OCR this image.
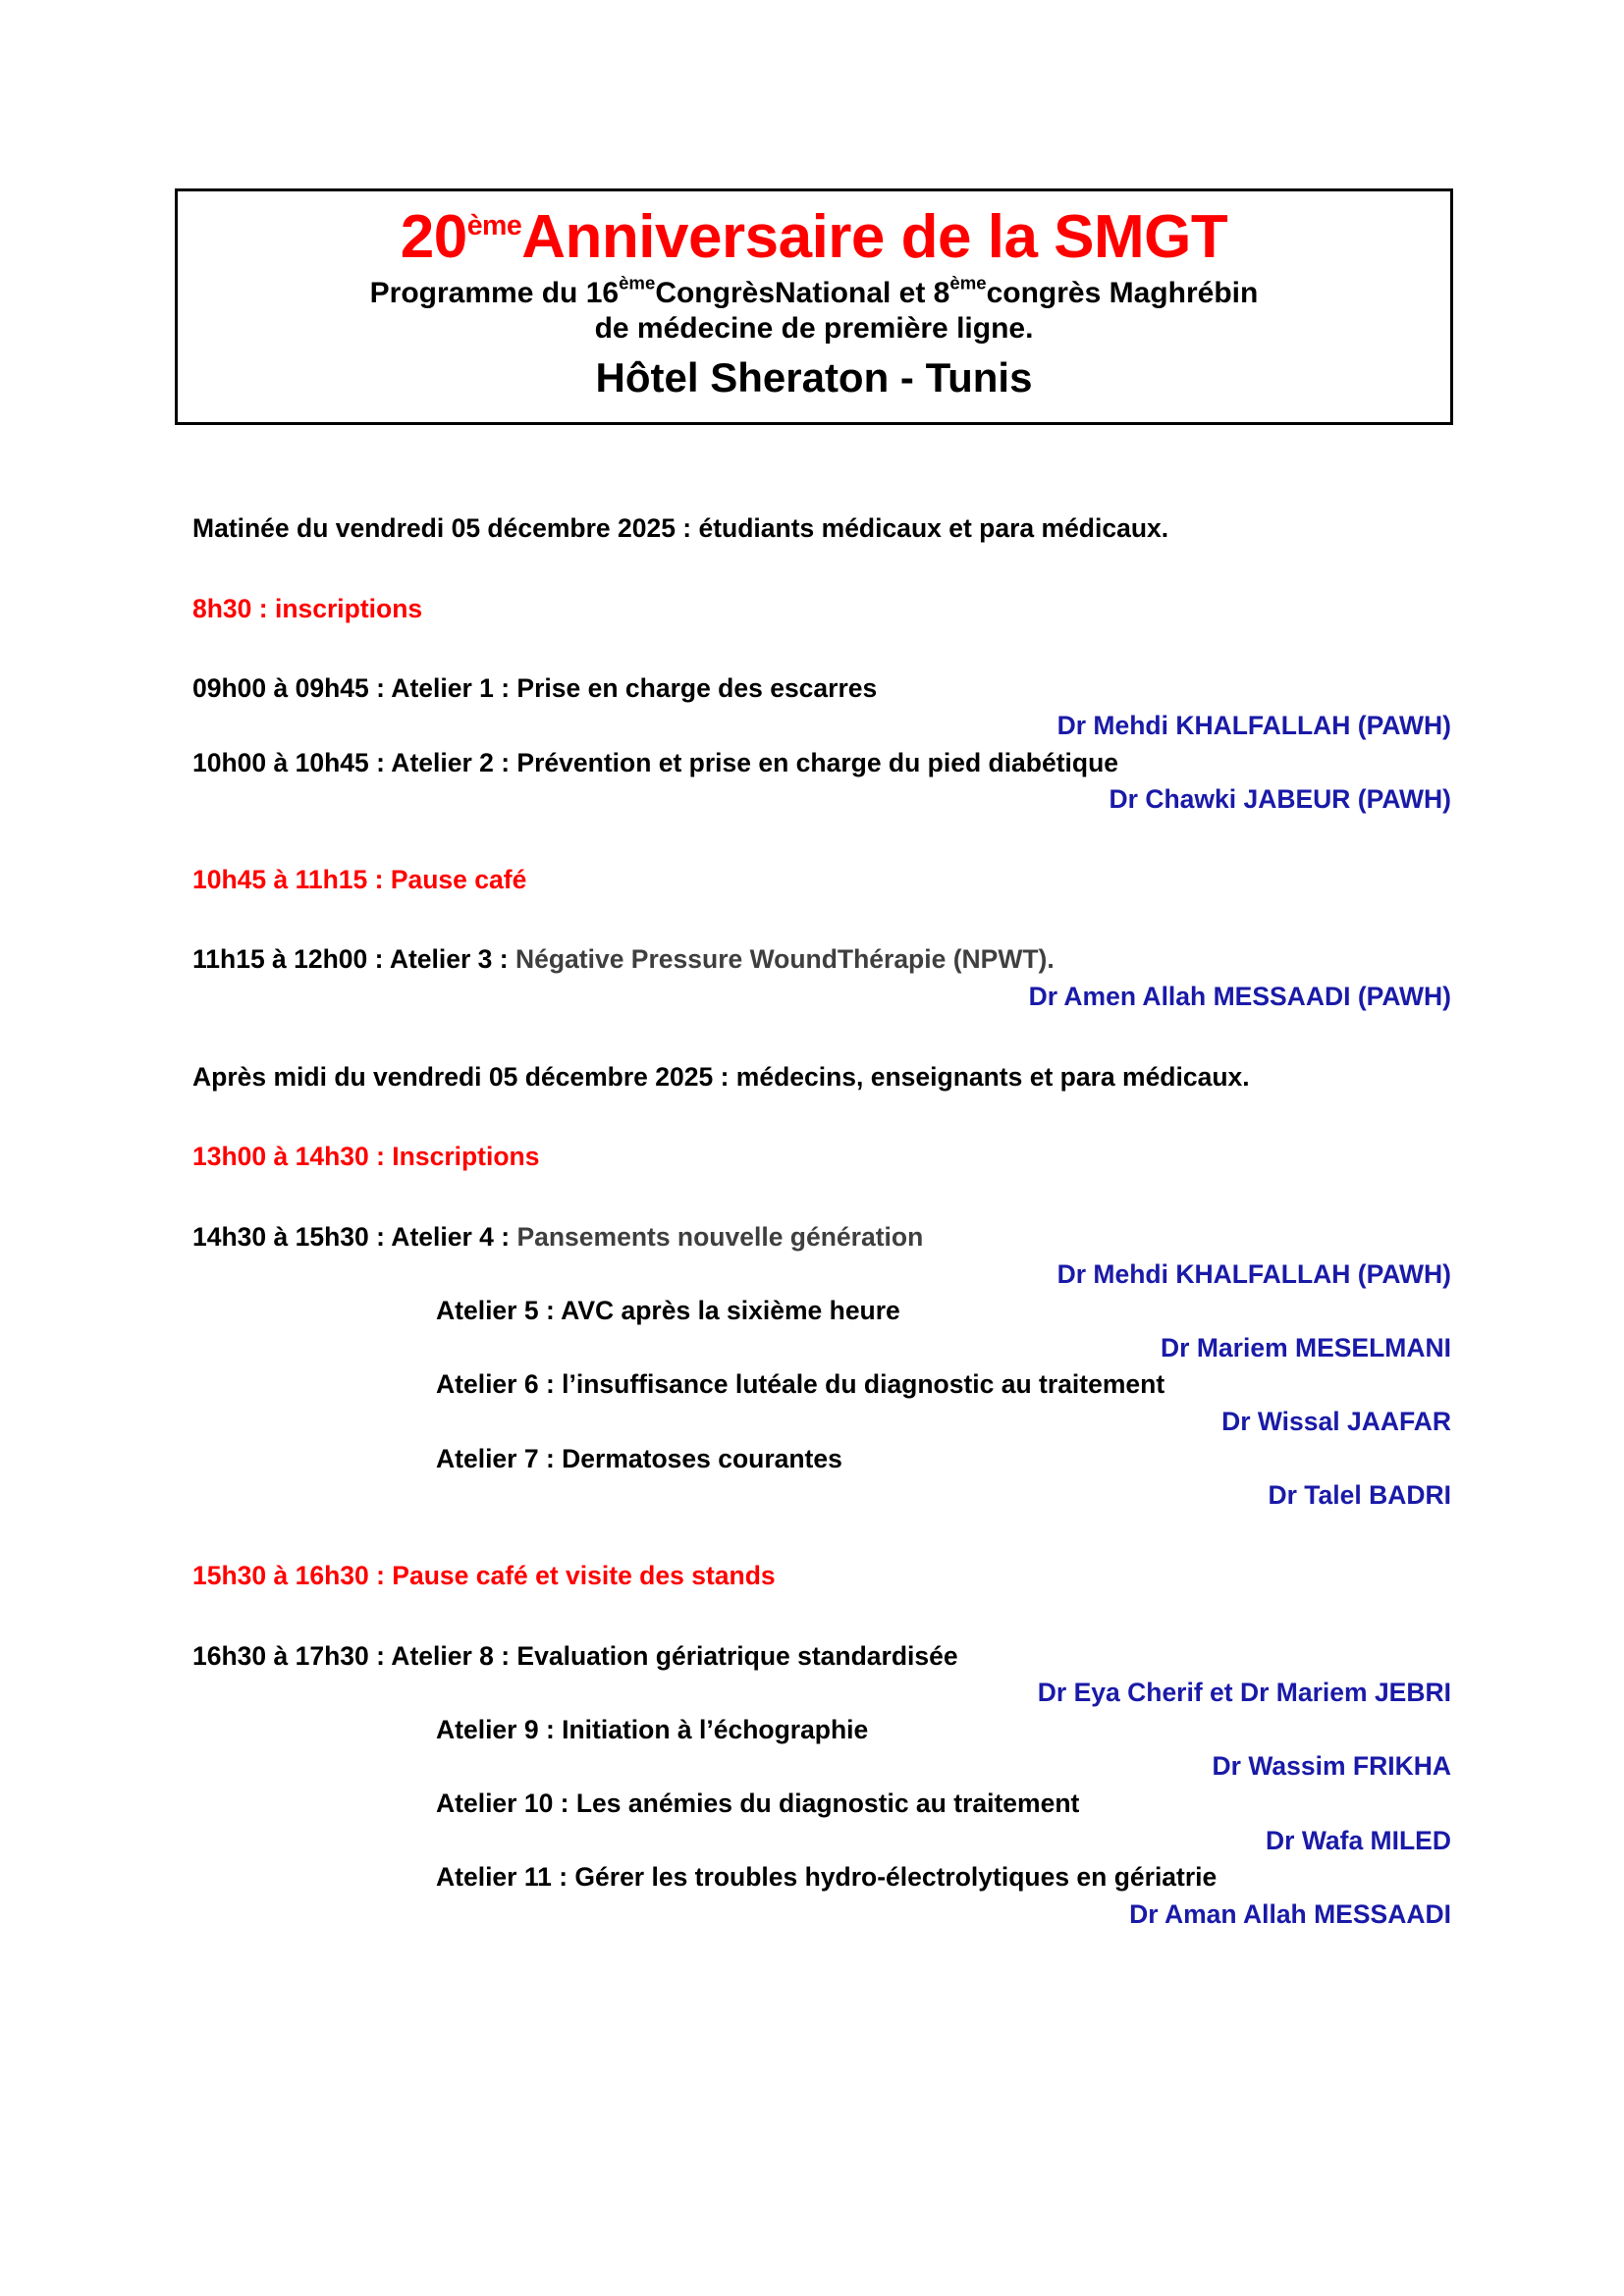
20èmeAnniversaire de la SMGT
Programme du 16èmeCongrèsNational et 8èmecongrès Maghrébin
de médecine de première ligne.
Hôtel Sheraton - Tunis
Matinée du vendredi 05 décembre 2025 : étudiants médicaux et para médicaux.
8h30 : inscriptions
09h00 à 09h45 : Atelier 1 : Prise en charge des escarres
Dr Mehdi KHALFALLAH (PAWH)
10h00 à 10h45 : Atelier 2 : Prévention et prise en charge du pied diabétique
Dr Chawki JABEUR (PAWH)
10h45 à 11h15 : Pause café
11h15 à 12h00 : Atelier 3 : Négative Pressure WoundThérapie (NPWT).
Dr Amen Allah MESSAADI (PAWH)
Après midi du vendredi 05 décembre 2025 : médecins, enseignants et para médicaux.
13h00 à 14h30 : Inscriptions
14h30 à 15h30 : Atelier 4 : Pansements nouvelle génération
Dr Mehdi KHALFALLAH (PAWH)
Atelier 5 : AVC après la sixième heure
Dr Mariem MESELMANI
Atelier 6 : l’insuffisance lutéale du diagnostic au traitement
Dr Wissal JAAFAR
Atelier 7 : Dermatoses courantes
Dr Talel BADRI
15h30 à 16h30 : Pause café et visite des stands
16h30 à 17h30 : Atelier 8 : Evaluation gériatrique standardisée
Dr Eya Cherif et Dr Mariem JEBRI
Atelier 9 : Initiation à l’échographie
Dr Wassim FRIKHA
Atelier 10 : Les anémies du diagnostic au traitement
Dr Wafa MILED
Atelier 11 : Gérer les troubles hydro-électrolytiques en gériatrie
Dr Aman Allah MESSAADI
